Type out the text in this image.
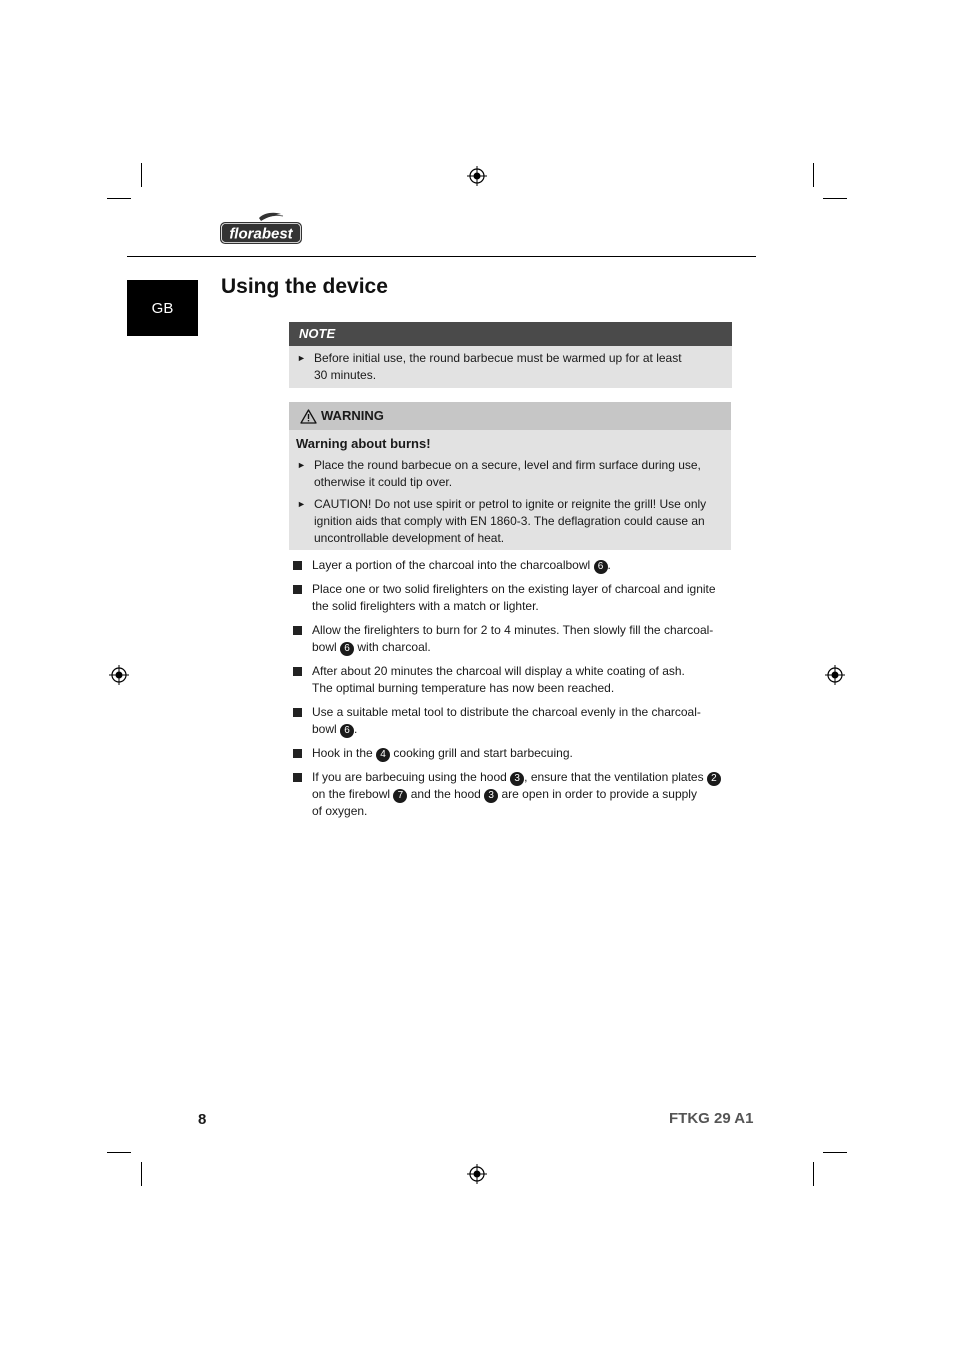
florabest
GB
Using the device
NOTE
► Before initial use, the round barbecue must be warmed up for at least
30 minutes.
WARNING
Warning about burns!
► Place the round barbecue on a secure, level and firm surface during use,
otherwise it could tip over.
► CAUTION! Do not use spirit or petrol to ignite or reignite the grill! Use only
ignition aids that comply with EN 1860-3. The deflagration could cause an
uncontrollable development of heat.
Layer a portion of the charcoal into the charcoalbowl 6 .
Place one or two solid firelighters on the existing layer of charcoal and ignite
the solid firelighters with a match or lighter.
Allow the firelighters to burn for 2 to 4 minutes. Then slowly fill the charcoal-
bowl 6 with charcoal.
After about 20 minutes the charcoal will display a white coating of ash.
The optimal burning temperature has now been reached.
Use a suitable metal tool to distribute the charcoal evenly in the charcoal-
bowl 6 .
Hook in the 4 cooking grill and start barbecuing.
If you are barbecuing using the hood 3 , ensure that the ventilation plates 2
on the firebowl 7 and the hood 3 are open in order to provide a supply
of oxygen.
8	FTKG 29 A1
